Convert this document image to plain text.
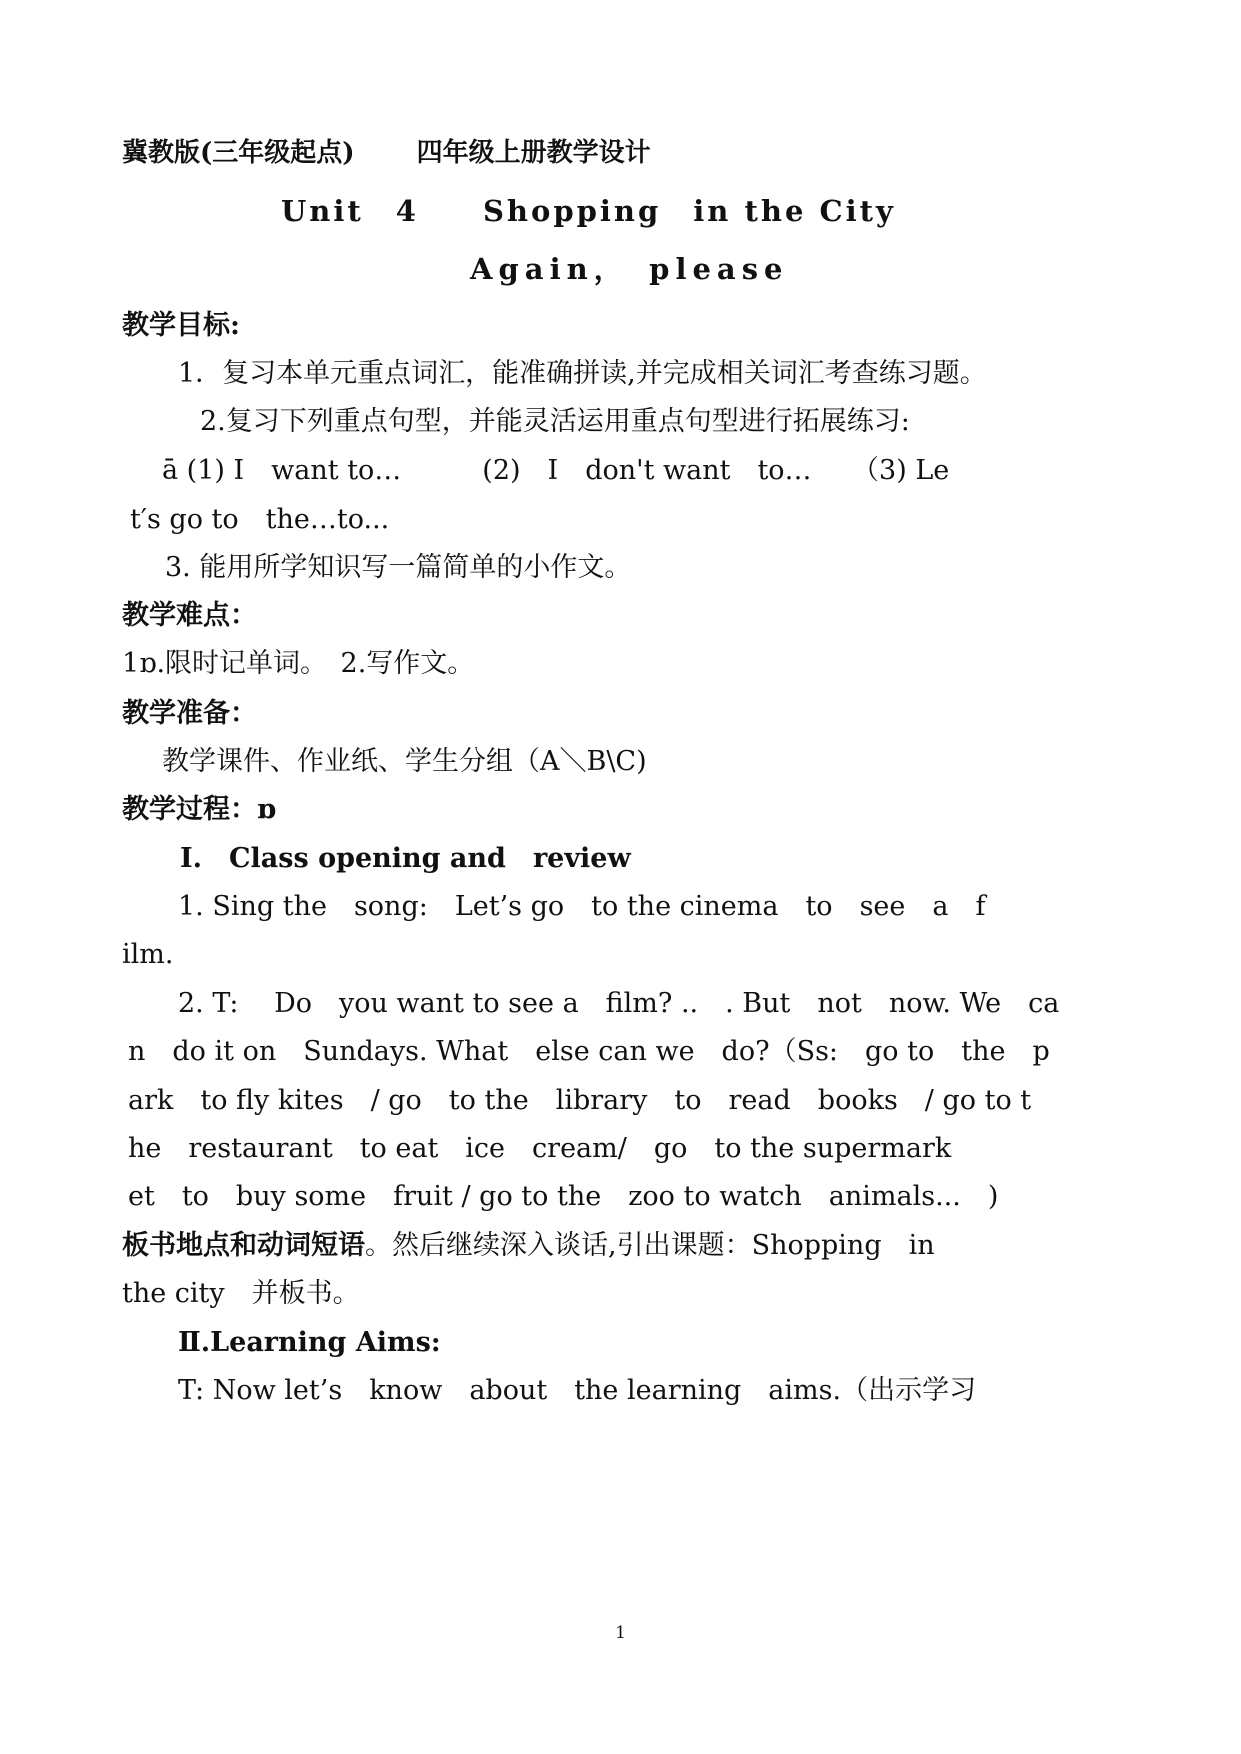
冀教版(三年级起点) 四年级上册教学设计
Unit　4　　Shopping　in the City
Again，　please
教学目标:
1．复习本单元重点词汇，能准确拼读,并完成相关词汇考查练习题。
2.复习下列重点句型，并能灵活运用重点句型进行拓展练习:
ā (1) I　want to…　　　(2)　I　don't want　to…　　（3) Le
t′s go to　the…to...
3. 能用所学知识写一篇简单的小作文。
教学难点：
1ɒ.限时记单词。　2.写作文。
教学准备：
教学课件、作业纸、学生分组（A＼B\C)
教学过程：ɒ
Ⅰ.　Class opening and　review
1. Sing the　song:　Let’s go　to the cinema　to　see　a　f
ilm.
2. T:　 Do　you want to see a　film? ..　. But　not　now. We　ca
n　do it on　Sundays. What　else can we　do?（Ss:　go to　the　p
ark　to fly kites　/ go　to the　library　to　read　books　/ go to t
he　restaurant　to eat　ice　cream/　go　to the supermark
et　to　buy some　fruit / go to the　zoo to watch　animals...　)
板书地点和动词短语。然后继续深入谈话,引出课题：Shopping　in
the city　并板书。
Ⅱ.Learning Aims:
T: Now let’s　know　about　the learning　aims.（出示学习
1
